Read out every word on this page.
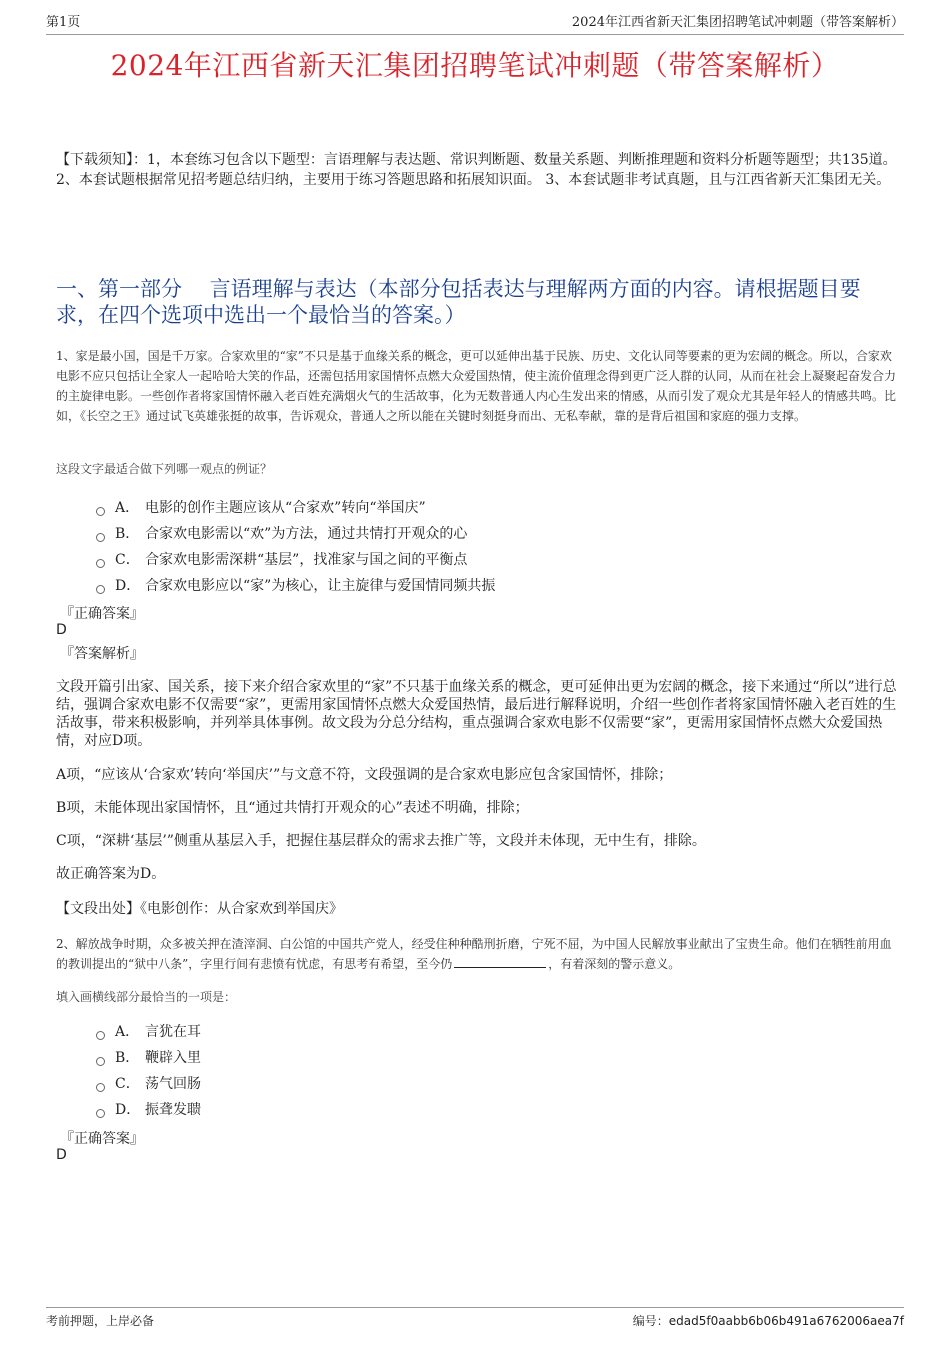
第1页	2024年江西省新天汇集团招聘笔试冲刺题（带答案解析）
2024年江西省新天汇集团招聘笔试冲刺题（带答案解析）
【下载须知】：1，本套练习包含以下题型：言语理解与表达题、常识判断题、数量关系题、判断推理题和资料分析题等题型；共135道。 2、本套试题根据常见招考题总结归纳，主要用于练习答题思路和拓展知识面。 3、本套试题非考试真题，且与江西省新天汇集团无关。
一、第一部分　 言语理解与表达（本部分包括表达与理解两方面的内容。请根据题目要求，在四个选项中选出一个最恰当的答案。）
1、家是最小国，国是千万家。合家欢里的“家”不只是基于血缘关系的概念，更可以延伸出基于民族、历史、文化认同等要素的更为宏阔的概念。所以，合家欢电影不应只包括让全家人一起哈哈大笑的作品，还需包括用家国情怀点燃大众爱国热情，使主流价值理念得到更广泛人群的认同，从而在社会上凝聚起奋发合力的主旋律电影。一些创作者将家国情怀融入老百姓充满烟火气的生活故事，化为无数普通人内心生发出来的情感，从而引发了观众尤其是年轻人的情感共鸣。比如，《长空之王》通过试飞英雄张挺的故事，告诉观众，普通人之所以能在关键时刻挺身而出、无私奉献，靠的是背后祖国和家庭的强力支撑。
这段文字最适合做下列哪一观点的例证？
A． 电影的创作主题应该从“合家欢”转向“举国庆”
B． 合家欢电影需以“欢”为方法，通过共情打开观众的心
C． 合家欢电影需深耕“基层”，找准家与国之间的平衡点
D． 合家欢电影应以“家”为核心，让主旋律与爱国情同频共振
『正确答案』
D
『答案解析』
文段开篇引出家、国关系，接下来介绍合家欢里的“家”不只基于血缘关系的概念，更可延伸出更为宏阔的概念，接下来通过“所以”进行总结，强调合家欢电影不仅需要“家”，更需用家国情怀点燃大众爱国热情，最后进行解释说明，介绍一些创作者将家国情怀融入老百姓的生活故事，带来积极影响，并列举具体事例。故文段为分总分结构，重点强调合家欢电影不仅需要“家”，更需用家国情怀点燃大众爱国热情，对应D项。
A项，“应该从‘合家欢’转向‘举国庆’”与文意不符，文段强调的是合家欢电影应包含家国情怀，排除；
B项，未能体现出家国情怀，且“通过共情打开观众的心”表述不明确，排除；
C项，“深耕‘基层’”侧重从基层入手，把握住基层群众的需求去推广等，文段并未体现，无中生有，排除。
故正确答案为D。
【文段出处】《电影创作：从合家欢到举国庆》
2、解放战争时期，众多被关押在渣滓洞、白公馆的中国共产党人，经受住种种酷刑折磨，宁死不屈，为中国人民解放事业献出了宝贵生命。他们在牺牲前用血的教训提出的“狱中八条”，字里行间有悲愤有忧虑，有思考有希望，至今仍	，有着深刻的警示意义。
填入画横线部分最恰当的一项是：
A． 言犹在耳
B． 鞭辟入里
C． 荡气回肠
D． 振聋发聩
『正确答案』
D
考前押题，上岸必备	编号：edad5f0aabb6b06b491a6762006aea7f
